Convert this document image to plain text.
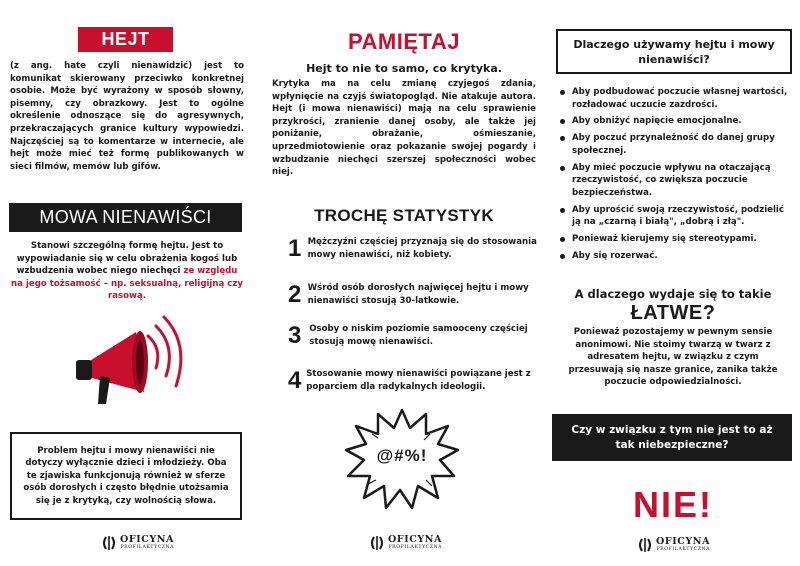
HEJT

(z ang. hate czyli nienawidzić) jest to komunikat skierowany przeciwko konkretnej osobie. Może być wyrażony w sposób słowny, pisemny, czy obrazkowy. Jest to ogólne określenie odnoszące się do agresywnych, przekraczających granice kultury wypowiedzi. Najczęściej są to komentarze w internecie, ale hejt może mieć też formę publikowanych w sieci filmów, memów lub gifów.

MOWA NIENAWIŚCI

Stanowi szczególną formę hejtu. Jest to wypowiadanie się w celu obrażenia kogoś lub wzbudzenia wobec niego niechęci ze względu na jego tożsamość – np. seksualną, religijną czy rasową.

Problem hejtu i mowy nienawiści nie dotyczy wyłącznie dzieci i młodzieży. Oba te zjawiska funkcjonują również w sferze osób dorosłych i często błędnie utożsamia się je z krytyką, czy wolnością słowa.

OFICYNA
PROFILAKTYCZNA
PAMIĘTAJ
Hejt to nie to samo, co krytyka.

Krytyka ma na celu zmianę czyjegoś zdania, wpłynięcie na czyjś światopogląd. Nie atakuje autora. Hejt (i mowa nienawiści) mają na celu sprawienie przykrości, zranienie danej osoby, ale także jej poniżanie, obrażanie, ośmieszanie, uprzedmiotowienie oraz pokazanie swojej pogardy i wzbudzanie niechęci szerszej społeczności wobec niej.

TROCHĘ STATYSTYK
1 Mężczyźni częściej przyznają się do stosowania mowy nienawiści, niż kobiety.
2 Wśród osób dorosłych najwięcej hejtu i mowy nienawiści stosują 30-latkowie.
3 Osoby o niskim poziomie samooceny częściej stosują mowę nienawiści.
4 Stosowanie mowy nienawiści powiązane jest z poparciem dla radykalnych ideologii.
@#%!
OFICYNA
PROFILAKTYCZNA
Dlaczego używamy hejtu i mowy nienawiści?
Aby podbudować poczucie własnej wartości, rozładować uczucie zazdrości.
Aby obniżyć napięcie emocjonalne.
Aby poczuć przynależność do danej grupy społecznej.
Aby mieć poczucie wpływu na otaczającą rzeczywistość, co zwiększa poczucie bezpieczeństwa.
Aby uprościć swoją rzeczywistość, podzielić ją na „czarną i białą", „dobrą i złą".
Ponieważ kierujemy się stereotypami.
Aby się rozerwać.
A dlaczego wydaje się to takie
ŁATWE?

Ponieważ pozostajemy w pewnym sensie anonimowi. Nie stoimy twarzą w twarz z adresatem hejtu, w związku z czym przesuwają się nasze granice, zanika także poczucie odpowiedzialności.

Czy w związku z tym nie jest to aż tak niebezpieczne?
NIE!
OFICYNA
PROFILAKTYCZNA
